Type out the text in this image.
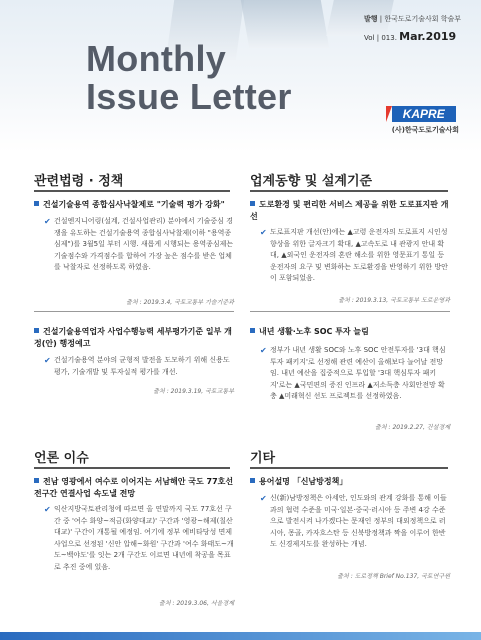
발행 | 한국도로기술사회 학술부
Vol | 013. Mar.2019
Monthly
Issue Letter	KAPRE
(사)한국도로기술사회
관련법령 · 정책
건설기술용역 종합심사낙찰제로 "기술력 평가 강화"
✔ 건설엔지니어링(설계, 건설사업관리) 분야에서 기술중심 경쟁을 유도하는 건설기술용역 종합심사낙찰제(이하 "용역종심제")를 3월5일 부터 시행. 새롭게 시행되는 용역종심제는 기술점수와 가격점수를 합하여 가장 높은 점수를 받은 업체를 낙찰자로 선정하도록 하였음.
출처 : 2019.3.4, 국토교통부 기술기준과
건설기술용역업자 사업수행능력 세부평가기준 일부 개정(안) 행정예고
✔ 건설기술용역 분야의 균형적 발전을 도모하기 위해 신용도 평가, 기술개발 및 투자실적 평가를 개선.
출처 : 2019.3.19, 국토교통부
업계동향 및 설계기준
도로환경 및 편리한 서비스 제공을 위한 도로표지판 개선
✔ 도로표지판 개선(안)에는 ▲고령 운전자의 도로표지 시인성 향상을 위한 글자크기 확대, ▲고속도로 내 관광지 안내 확대, ▲외국인 운전자의 혼란 해소를 위한 영문표기 통일 등 운전자의 요구 및 변화하는 도로환경을 반영하기 위한 방안이 포함되었음.
출처 : 2019.3.13, 국토교통부 도로운영과
내년 생활·노후 SOC 투자 늘림
✔ 정부가 내년 생활 SOC와 노후 SOC 안전투자를 '3대 핵심투자 패키지'로 선정해 관련 예산이 올해보다 늘어날 전망임. 내년 예산을 집중적으로 투입할 '3대 핵심투자 패키지'로는 ▲국민편의 증진 인프라 ▲저소득층 사회안전망 확충 ▲미래혁신 선도 프로젝트를 선정하였음.
출처 : 2019.2.27, 건설경제
언론 이슈
전남 영광에서 여수로 이어지는 서남해안 국도 77호선 전구간 연결사업 속도낼 전망
✔ 익산지방국토관리청에 따르면 올 연말까지 국도 77호선 구간 중 '여수 화양~적금(화양대교)' 구간과 '영광~해제(칠산대교)' 구간이 개통될 예정임. 여기에 정부 예비타당성 면제 사업으로 선정된 '신안 압해~화원' 구간과 '여수 화태도~개도~백야도'를 잇는 2개 구간도 이르면 내년에 착공을 목표로 추진 중에 있음.
출처 : 2019.3.06, 서울경제
기타
용어설명 「신남방정책」
✔ 신(新)남방정책은 아세안, 인도와의 관계 강화를 통해 이들과의 협력 수준을 미국·일본·중국·러시아 등 주변 4강 수준으로 발전시켜 나가겠다는 문재인 정부의 대외정책으로 러시아, 몽골, 카자흐스탄 등 신북방정책과 짝을 이루어 한반도 신경제지도를 완성하는 개념.
출처 : 도로정책 Brief No.137, 국토연구원
